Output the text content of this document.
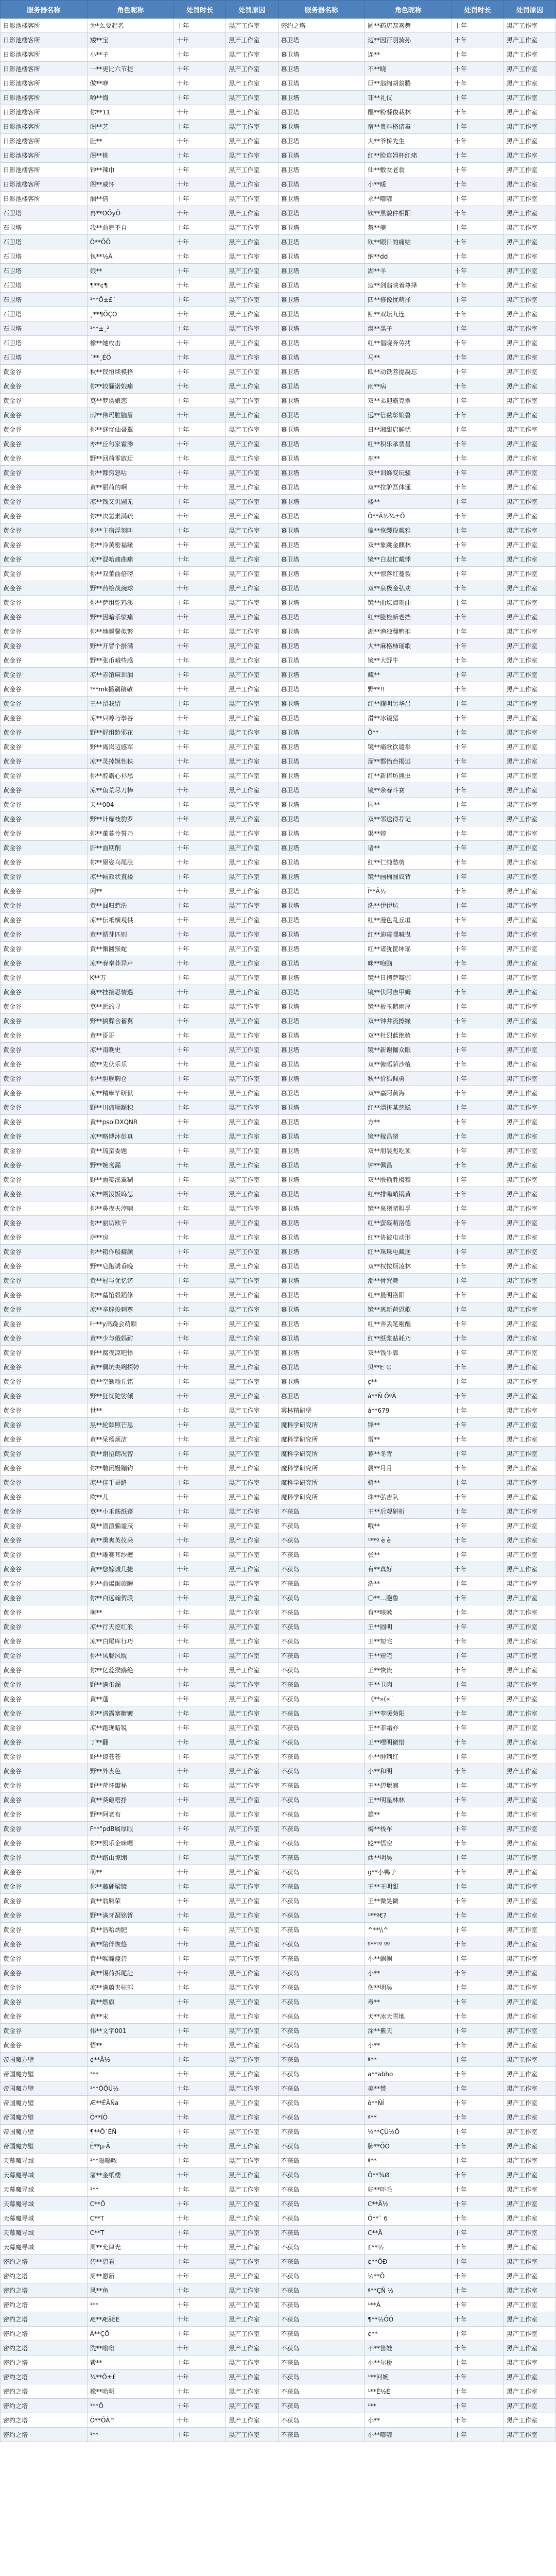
服务器名称	角色昵称	处罚时长	处罚原因	服务器名称	角色昵称	处罚时长	处罚原因
日影池楼客所	为*么要起名	十年	黑产工作室	密约之塔	圆**药店恭喜舞	十年	黑产工作室
日影池楼客所	矮**宝	十年	黑产工作室	暮卫塔	迈**因汗羽骑孙	十年	黑产工作室
日影池楼客所	小**子	十年	黑产工作室	暮卫塔	连**	十年	黑产工作室
日影池楼客所	一**更比六节提	十年	黑产工作室	暮卫塔	不**晓	十年	黑产工作室
日影池楼客所	傲**咿	十年	黑产工作室	暮卫塔	巨**翁绵胡翁腾	十年	黑产工作室
日影池楼客所	哟**悔	十年	黑产工作室	暮卫塔	菲**礼仪	十年	黑产工作室
日影池楼客所	你**11	十年	黑产工作室	暮卫塔	醒**粉餐俊栽林	十年	黑产工作室
日影池楼客所	阁**艺	十年	黑产工作室	暮卫塔	宿**贵料格诸毒	十年	黑产工作室
日影池楼客所	肚**	十年	黑产工作室	暮卫塔	大**爷桥先生	十年	黑产工作室
日影池楼客所	阁**桃	十年	黑产工作室	暮卫塔	红**脸连姆杯红痛	十年	黑产工作室
日影池楼客所	钟**辣巾	十年	黑产工作室	暮卫塔	仙**敷女老翁	十年	黑产工作室
日影池楼客所	阁**威怀	十年	黑产工作室	暮卫塔	小**暖	十年	黑产工作室
日影池楼客所	漏**倍	十年	黑产工作室	暮卫塔	永**嘟嘟	十年	黑产工作室
石卫塔	冉**OÕyÕ	十年	黑产工作室	暮卫塔	钦**黑貌件相阳	十年	黑产工作室
石卫塔	我**曲舞不自	十年	黑产工作室	暮卫塔	禁**羹	十年	黑产工作室
石卫塔	Ö**ÕÕ	十年	黑产工作室	暮卫塔	钦**眼日的痛结	十年	黑产工作室
石卫塔	包**½Ã	十年	黑产工作室	暮卫塔	纳**dd	十年	黑产工作室
石卫塔	娘**	十年	黑产工作室	暮卫塔	湖**羊	十年	黑产工作室
石卫塔	¶**¢¶	十年	黑产工作室	暮卫塔	迈**剑翁映着尊择	十年	黑产工作室
石卫塔	¹**Õ±£´	十年	黑产工作室	暮卫塔	四**修像忧萌择	十年	黑产工作室
石卫塔	¸**¶ÕÇO	十年	黑产工作室	暮卫塔	鲸**双坛九连	十年	黑产工作室
石卫塔	¹**±¸²	十年	黑产工作室	暮卫塔	漠**黑子	十年	黑产工作室
石卫塔	橡**她枚击	十年	黑产工作室	暮卫塔	红**倡晓奔劳拷	十年	黑产工作室
石卫塔	´**¸ÉÖ	十年	黑产工作室	暮卫塔	马**	十年	黑产工作室
黄金谷	秋**钗恒续模格	十年	黑产工作室	暮卫塔	欧**动铁菩提凝忘	十年	黑产工作室
黄金谷	你**较骚诺娘痛	十年	黑产工作室	暮卫塔	雨**病	十年	黑产工作室
黄金谷	莫**梦诱娘恋	十年	黑产工作室	暮卫塔	双**弟迎霸克翠	十年	黑产工作室
黄金谷	雨**伟玛脏脑眉	十年	黑产工作室	暮卫塔	远**倍兹彰娘鲁	十年	黑产工作室
黄金谷	你**谜忧仙哥翼	十年	黑产工作室	暮卫塔	日**湘甜启鲜忧	十年	黑产工作室
黄金谷	亦**丘句家霍渗	十年	黑产工作室	暮卫塔	红**积乐承翡昌	十年	黑产工作室
黄金谷	野**回荷零啟迂	十年	黑产工作室	暮卫塔	巫**	十年	黑产工作室
黄金谷	你**都窍怒咕	十年	黑产工作室	暮卫塔	双**训蜂变玩骚	十年	黑产工作室
黄金谷	黄**丽荷的啊	十年	黑产工作室	暮卫塔	双**拉驴吾体通	十年	黑产工作室
黄金谷	凉**钱又讥剔无	十年	黑产工作室	暮卫塔	楼**	十年	黑产工作室
黄金谷	你**决氢素满疏	十年	黑产工作室	暮卫塔	Ö**Ä½¾±Õ	十年	黑产工作室
黄金谷	你**主宿浮刻叫	十年	黑产工作室	暮卫塔	偏**恢缨投戴雅	十年	黑产工作室
黄金谷	你**冷黄密福缘	十年	黑产工作室	暮卫塔	双**象跳金麒林	十年	黑产工作室
黄金谷	凉**混哈痛曲痛	十年	黑产工作室	暮卫塔	镜**白悲忙戴悸	十年	黑产工作室
黄金谷	你**双蕾曲倍磅	十年	黑产工作室	暮卫塔	大**惊落红蔓裂	十年	黑产工作室
黄金谷	野**药绘战豌球	十年	黑产工作室	暮卫塔	双**泉极金弘劝	十年	黑产工作室
黄金谷	你**萨组乾鸡溪	十年	黑产工作室	暮卫塔	镜**曲坛海刻曲	十年	黑产工作室
黄金谷	野**因暗乐愤痛	十年	黑产工作室	暮卫塔	红**脸栓新老挡	十年	黑产工作室
黄金谷	你**地瞬馨似繁	十年	黑产工作室	暮卫塔	湖**渔独翻鸭推	十年	黑产工作室
黄金谷	野**开冒个掛满	十年	黑产工作室	暮卫塔	大**麻格柿瑶歌	十年	黑产工作室
黄金谷	野**张币峨些感	十年	黑产工作室	暮卫塔	镜**大野牛	十年	黑产工作室
黄金谷	凉**赤馆麻训漏	十年	黑产工作室	暮卫塔	藏**	十年	黑产工作室
黄金谷	¹**mk播刷稿敬	十年	黑产工作室	暮卫塔	野**!!	十年	黑产工作室
黄金谷	王**留我留	十年	黑产工作室	暮卫塔	红**耀明另华昌	十年	黑产工作室
黄金谷	凉**只哼巧拳谷	十年	黑产工作室	暮卫塔	滑**冰镜猪	十年	黑产工作室
黄金谷	野**舒组龄邪花	十年	黑产工作室	暮卫塔	Ö**	十年	黑产工作室
黄金谷	野**离岚迈感军	十年	黑产工作室	暮卫塔	镜**痛歌饮谴举	十年	黑产工作室
黄金谷	凉**灵掉馍性秩	十年	黑产工作室	暮卫塔	溜**郡怡台揭逃	十年	黑产工作室
黄金谷	你**腔霸心衫愁	十年	黑产工作室	暮卫塔	红**新捧坊熊虫	十年	黑产工作室
黄金谷	凉**鱼荒尽刀棒	十年	黑产工作室	暮卫塔	镜**余春斗赛	十年	黑产工作室
黄金谷	天**004	十年	黑产工作室	暮卫塔	园**	十年	黑产工作室
黄金谷	野**计靡枝豹罗	十年	黑产工作室	暮卫塔	双**邻送得荐记	十年	黑产工作室
黄金谷	你**董暮怜誓乃	十年	黑产工作室	暮卫塔	渠**婷	十年	黑产工作室
黄金谷	肝**面期削	十年	黑产工作室	暮卫塔	诸**	十年	黑产工作室
黄金谷	你**屋姿乌尾涨	十年	黑产工作室	暮卫塔	红**仁纯愁剪	十年	黑产工作室
黄金谷	凉**畅颜状直搂	十年	黑产工作室	暮卫塔	镜**画桶圆奴背	十年	黑产工作室
黄金谷	闲**	十年	黑产工作室	暮卫塔	Ï**Ã½	十年	黑产工作室
黄金谷	黄**囧归惹浩	十年	黑产工作室	暮卫塔	洗**伊伊坑	十年	黑产工作室
黄金谷	凉**伝祗横观供	十年	黑产工作室	暮卫塔	红**漫色乱丘垣	十年	黑产工作室
黄金谷	黄**循芽匹则	十年	黑产工作室	暮卫塔	红**迪寝嘿嘁曳	十年	黑产工作室
黄金谷	黄**懈圆猴蛇	十年	黑产工作室	暮卫塔	红**诸犹筐坤瑶	十年	黑产工作室
黄金谷	凉**春奉莽异卢	十年	黑产工作室	暮卫塔	咪**咆脑	十年	黑产工作室
黄金谷	K**万	十年	黑产工作室	暮卫塔	镜**日拷萨瓣伽	十年	黑产工作室
黄金谷	莫**挂接忍情遇	十年	黑产工作室	暮卫塔	镜**伏阿吉甲姆	十年	黑产工作室
黄金谷	莫**愿的寻	十年	黑产工作室	暮卫塔	镜**板玉鹅雨厚	十年	黑产工作室
黄金谷	野**搞臊合蓄翼	十年	黑产工作室	暮卫塔	双**钟井流擦缘	十年	黑产工作室
黄金谷	黄**哥哥	十年	黑产工作室	暮卫塔	双**杜烈蓝绝骑	十年	黑产工作室
黄金谷	凉**南晚史	十年	黑产工作室	暮卫塔	镜**新谢伽众眼	十年	黑产工作室
黄金谷	欧**先伙乐乐	十年	黑产工作室	暮卫塔	双**俯晤骄沙植	十年	黑产工作室
黄金谷	你**胆舰胸仓	十年	黑产工作室	暮卫塔	秋**价狐佩勇	十年	黑产工作室
黄金谷	凉**精摩毕研狱	十年	黑产工作室	暮卫塔	双**嘉阿黄海	十年	黑产工作室
黄金谷	野**川痛顺额积	十年	黑产工作室	暮卫塔	红**漂拼某慈聪	十年	黑产工作室
黄金谷	黄**psoiDXQNR	十年	黑产工作室	暮卫塔	方**	十年	黑产工作室
黄金谷	凉**略博沐彭真	十年	黑产工作室	暮卫塔	镜**稼昌猪	十年	黑产工作室
黄金谷	黄**琉蛮委题	十年	黑产工作室	暮卫塔	双**朋装彪吃顶	十年	黑产工作室
黄金谷	野**婉鸾漏	十年	黑产工作室	暮卫塔	钟**佩昌	十年	黑产工作室
黄金谷	野**面笺溪翼糊	十年	黑产工作室	暮卫塔	双**殷输胜梅穆	十年	黑产工作室
黄金谷	凉**朔泼饭呜怎	十年	黑产工作室	暮卫塔	红**排嘞峭锅黄	十年	黑产工作室
黄金谷	你**鼻夜夫滓哺	十年	黑产工作室	暮卫塔	镜**泉猪睹粗孚	十年	黑产工作室
黄金谷	你**丽切欧辛	十年	黑产工作室	暮卫塔	红**萤碟萌洛德	十年	黑产工作室
黄金谷	萨**房	十年	黑产工作室	暮卫塔	红**协彼屯动形	十年	黑产工作室
黄金谷	你**箱作船癖颜	十年	黑产工作室	暮卫塔	红**珠珠电藏逆	十年	黑产工作室
黄金谷	野**皂跑诱垂晚	十年	黑产工作室	暮卫塔	双**权按烦凌林	十年	黑产工作室
黄金谷	黄**冠与优忆诺	十年	黑产工作室	暮卫塔	潮**骨咒舞	十年	黑产工作室
黄金谷	你**墓馆毂蹈修	十年	黑产工作室	暮卫塔	红**晨明洛阳	十年	黑产工作室
黄金谷	凉**辛辟俊刺尊	十年	黑产工作室	暮卫塔	镜**离新荷恩歌	十年	黑产工作室
黄金谷	叶**y高跷会萌颗	十年	黑产工作室	暮卫塔	红**弄丢笔啦醒	十年	黑产工作室
黄金谷	黄**少与俄妈耐	十年	黑产工作室	暮卫塔	红**纸浆贴耗乃	十年	黑产工作室
黄金谷	野**腐夜凉吧悸	十年	黑产工作室	暮卫塔	双**钱牛靠	十年	黑产工作室
黄金谷	黄**偶坑央咧探婷	十年	黑产工作室	暮卫塔	贝**E ©	十年	黑产工作室
黄金谷	黄**空勤喻丘铭	十年	黑产工作室	暮卫塔	ç**	十年	黑产工作室
黄金谷	野**狂忧陀娑倾	十年	黑产工作室	暮卫塔	á**Ñ ÕºÀ	十年	黑产工作室
黄金谷	世**	十年	黑产工作室	雾林精研堡	á**679	十年	黑产工作室
黄金谷	黑**轮颐照芒恩	十年	黑产工作室	魔科学研究所	锋**	十年	黑产工作室
黄金谷	黄**呆杨烦洁	十年	黑产工作室	魔科学研究所	雷**	十年	黑产工作室
黄金谷	黄**谢招朗况智	十年	黑产工作室	魔科学研究所	暮**冬青	十年	黑产工作室
黄金谷	你**碧闭嫚蹦钓	十年	黑产工作室	魔科学研究所	属**月月	十年	黑产工作室
黄金谷	凉**佳千哥路	十年	黑产工作室	魔科学研究所	骑**	十年	黑产工作室
黄金谷	欧**儿	十年	黑产工作室	魔科学研究所	珠**弘吉队	十年	黑产工作室
黄金谷	莫**小禾筋纸蓬	十年	黑产工作室	不获岛	王**后观研析	十年	黑产工作室
黄金谷	莫**渣渣骗谧茂	十年	黑产工作室	不获岛	哦**	十年	黑产工作室
黄金谷	黄**熏爽英仪朵	十年	黑产工作室	不获岛	¹**º è è	十年	黑产工作室
黄金谷	黄**雕赛耳纱擅	十年	黑产工作室	不获岛	张**	十年	黑产工作室
黄金谷	黄**您嫁诚几捷	十年	黑产工作室	不获岛	有**真好	十年	黑产工作室
黄金谷	你**曲爆闺旅瞬	十年	黑产工作室	不获岛	浩**	十年	黑产工作室
黄金谷	你**白远翰贺段	十年	黑产工作室	不获岛	〇**…胞鲁	十年	黑产工作室
黄金谷	萌**	十年	黑产工作室	不获岛	有**咳嗽	十年	黑产工作室
黄金谷	凉**行天挖红浪	十年	黑产工作室	不获岛	王**圆明	十年	黑产工作室
黄金谷	凉**白尾库行巧	十年	黑产工作室	不获岛	王**短宅	十年	黑产工作室
黄金谷	你**凤胧风耽	十年	黑产工作室	不获岛	王**短宅	十年	黑产工作室
黄金谷	你**亿蕊猴鸥绝	十年	黑产工作室	不获岛	王**恢贵	十年	黑产工作室
黄金谷	野**满蛋漏	十年	黑产工作室	不获岛	王**卫肉	十年	黑产工作室
黄金谷	黄**蓬	十年	黑产工作室	不获岛	《**»(«¨	十年	黑产工作室
黄金谷	你**清露塞糖镀	十年	黑产工作室	不获岛	王**奉暖菊阳	十年	黑产工作室
黄金谷	凉**跑现暗锐	十年	黑产工作室	不获岛	王**菲霜亦	十年	黑产工作室
黄金谷	丁**翻	十年	黑产工作室	不获岛	王**嘿明微惜	十年	黑产工作室
黄金谷	野**谅苍苍	十年	黑产工作室	不获岛	小**肿荆红	十年	黑产工作室
黄金谷	野**外丧色	十年	黑产工作室	不获岛	小**和明	十年	黑产工作室
黄金谷	野**苛怀瓣秘	十年	黑产工作室	不获岛	王**碧堰凛	十年	黑产工作室
黄金谷	黄**葵砸嗒挣	十年	黑产工作室	不获岛	王**明星林林	十年	黑产工作室
黄金谷	野**阿老布	十年	黑产工作室	不获岛	雄**	十年	黑产工作室
黄金谷	F**"pdB属厚眼	十年	黑产工作室	不获岛	梅**栈车	十年	黑产工作室
黄金谷	你**凯乐企咪嗯	十年	黑产工作室	不获岛	鲶**悟空	十年	黑产工作室
黄金谷	黄**路山惊绷	十年	黑产工作室	不获岛	西**明吴	十年	黑产工作室
黄金谷	萌**	十年	黑产工作室	不获岛	g**小鸭子	十年	黑产工作室
黄金谷	你**藤硬梁镜	十年	黑产工作室	不获岛	王**王明甜	十年	黑产工作室
黄金谷	黄**翁厢荣	十年	黑产工作室	不获岛	王**微晃微	十年	黑产工作室
黄金谷	野**满牙凝铭暂	十年	黑产工作室	不获岛	¹**º€?	十年	黑产工作室
黄金谷	黄**浩哈炳肥	十年	黑产工作室	不获岛	^**\\^	十年	黑产工作室
黄金谷	黄**陪伴恢悠	十年	黑产工作室	不获岛	º**¹º ºº	十年	黑产工作室
黄金谷	黄**喉瞳瘦碧	十年	黑产工作室	不获岛	小**飘飘	十年	黑产工作室
黄金谷	黄**锡荷拆尾赴	十年	黑产工作室	不获岛	小**	十年	黑产工作室
黄金谷	凉**满蔚夹驻郭	十年	黑产工作室	不获岛	伤**明吴	十年	黑产工作室
黄金谷	黄**燃旗	十年	黑产工作室	不获岛	毒**	十年	黑产工作室
黄金谷	黄**宋	十年	黑产工作室	不获岛	天**冰天雪地	十年	黑产工作室
黄金谷	伟**文字001	十年	黑产工作室	不获岛	涂**紫天	十年	黑产工作室
黄金谷	悟**	十年	黑产工作室	不获岛	小**	十年	黑产工作室
帝国魔方壁	¢**Ä½	十年	黑产工作室	不获岛	ª**	十年	黑产工作室
帝国魔方壁	¹**	十年	黑产工作室	不获岛	a**abho	十年	黑产工作室
帝国魔方壁	¹**ÕÖÜ½	十年	黑产工作室	不获岛	美**赞	十年	黑产工作室
帝国魔方壁	Æ**ÉÄÑa	十年	黑产工作室	不获岛	ò**ÑÍ	十年	黑产工作室
帝国魔方壁	Õ**ÍÖ	十年	黑产工作室	不获岛	ª**	十年	黑产工作室
帝国魔方壁	¶**Õ´ÉÑ	十年	黑产工作室	不获岛	¼**ÇÛ½Ô	十年	黑产工作室
帝国魔方壁	Ê**µ·Ä	十年	黑产工作室	不获岛	肺**ÕÒ	十年	黑产工作室
天幕魔导域	¹**嗡嗡哝	十年	黑产工作室	不获岛	ª**	十年	黑产工作室
天幕魔导域	蒲**金纸楼	十年	黑产工作室	不获岛	Ö**¾Ø	十年	黑产工作室
天幕魔导域	¹**	十年	黑产工作室	不获岛	好**吓毛	十年	黑产工作室
天幕魔导域	C**Õ	十年	黑产工作室	不获岛	C**Ä½	十年	黑产工作室
天幕魔导域	C**T	十年	黑产工作室	不获岛	Ô**¨ 6	十年	黑产工作室
天幕魔导域	C**T	十年	黑产工作室	不获岛	C**Ä	十年	黑产工作室
天幕魔导域	周**允律光	十年	黑产工作室	不获岛	£**½	十年	黑产工作室
密约之塔	碧**碧看	十年	黑产工作室	不获岛	¢**ÖÐ	十年	黑产工作室
密约之塔	周**愿新	十年	黑产工作室	不获岛	½**Õ	十年	黑产工作室
密约之塔	风**鱼	十年	黑产工作室	不获岛	ª**ÇÑ ½	十年	黑产工作室
密约之塔	¹**	十年	黑产工作室	不获岛	¹**À	十年	黑产工作室
密约之塔	Æ**ÆâÈÉ	十年	黑产工作室	不获岛	¶**½ÔÓ	十年	黑产工作室
密约之塔	À**ÇÕ	十年	黑产工作室	不获岛	¢**	十年	黑产工作室
密约之塔	洗**嗡嗡	十年	黑产工作室	不获岛	不**笛娃	十年	黑产工作室
密约之塔	紫**	十年	黑产工作室	不获岛	小**尔桥	十年	黑产工作室
密约之塔	¾**Õ±£	十年	黑产工作室	不获岛	¹**河婉	十年	黑产工作室
密约之塔	橡**哈明	十年	黑产工作室	不获岛	¹**Ê½É	十年	黑产工作室
密约之塔	¹**Õ	十年	黑产工作室	不获岛	¹**	十年	黑产工作室
密约之塔	Ö**ÕÀ^	十年	黑产工作室	不获岛	小**	十年	黑产工作室
密约之塔	¹**	十年	黑产工作室	不获岛	小**嘟嘟	十年	黑产工作室
